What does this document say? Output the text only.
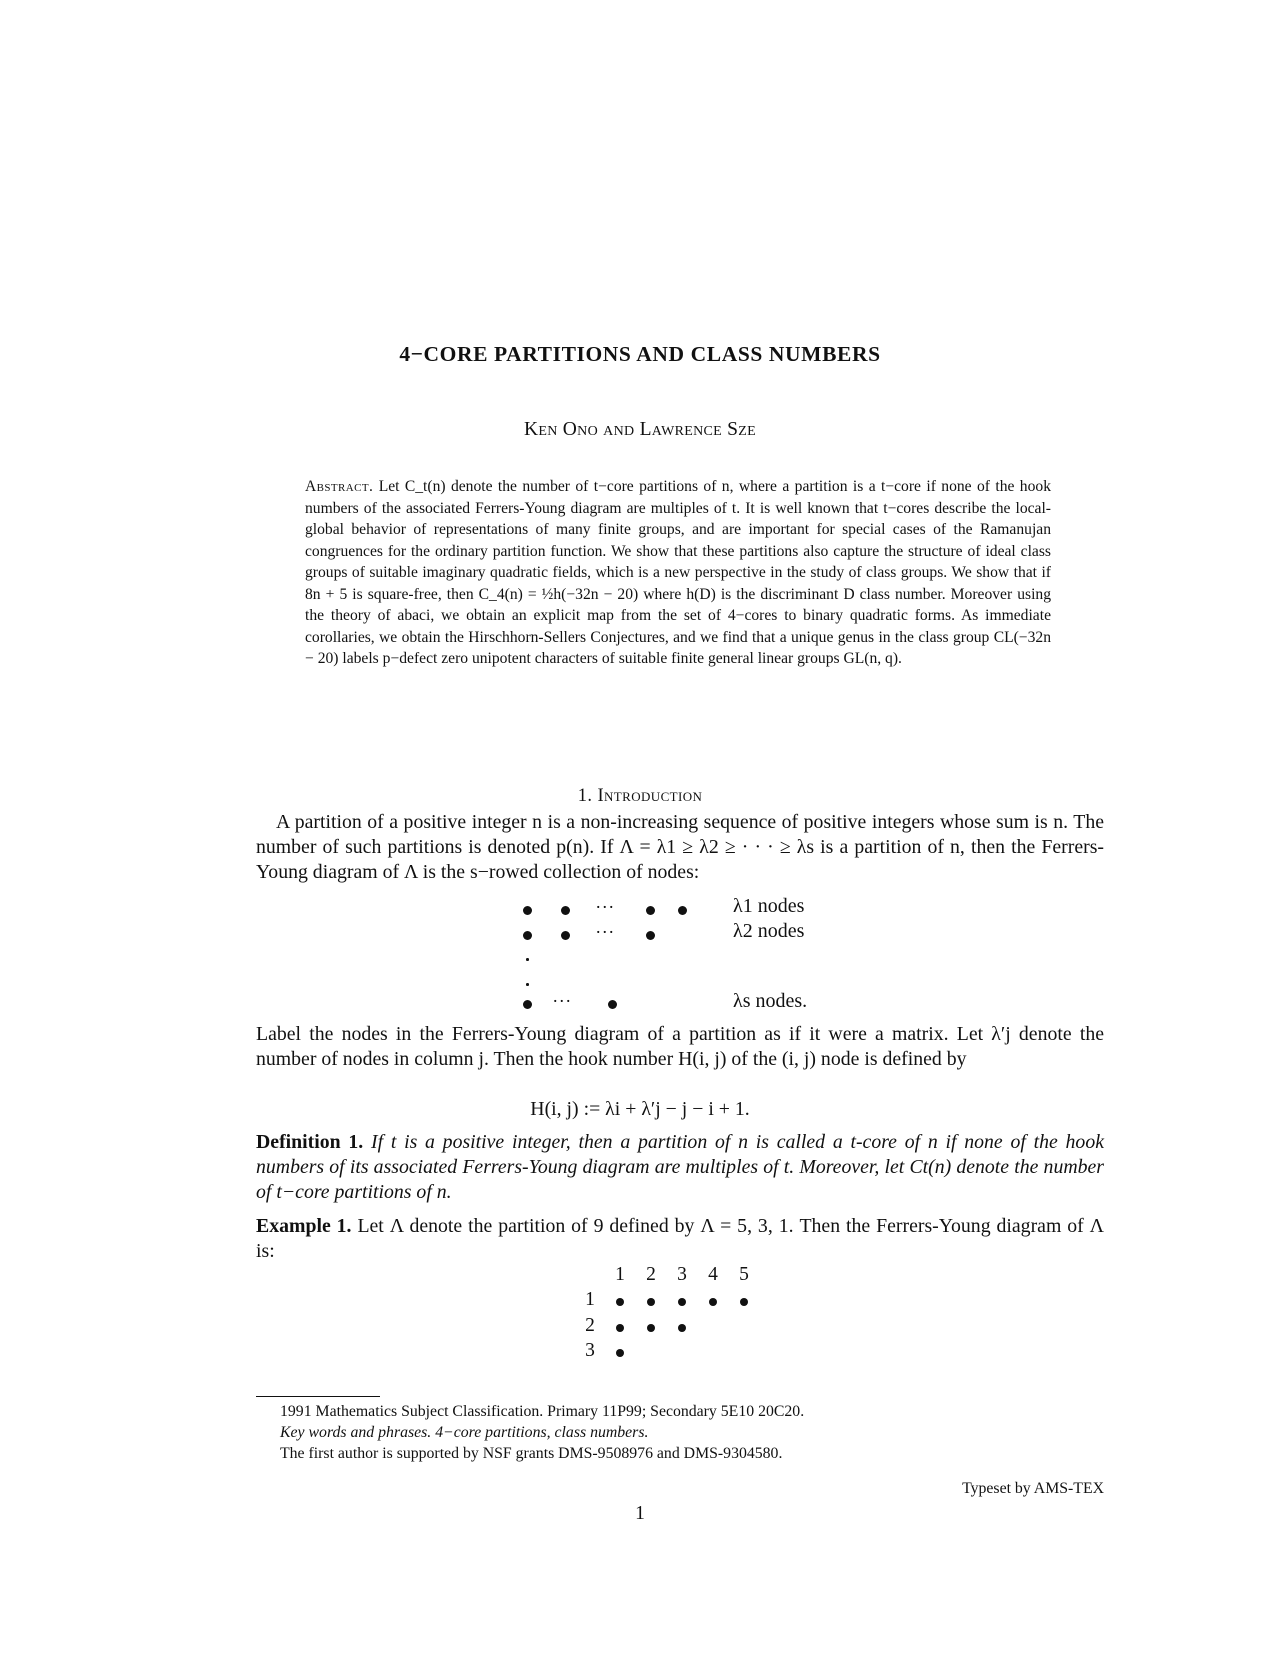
4−CORE PARTITIONS AND CLASS NUMBERS
Ken Ono and Lawrence Sze
Abstract. Let C_t(n) denote the number of t−core partitions of n, where a partition is a t−core if none of the hook numbers of the associated Ferrers-Young diagram are multiples of t. It is well known that t−cores describe the local-global behavior of representations of many finite groups, and are important for special cases of the Ramanujan congruences for the ordinary partition function. We show that these partitions also capture the structure of ideal class groups of suitable imaginary quadratic fields, which is a new perspective in the study of class groups. We show that if 8n + 5 is square-free, then C_4(n) = ½h(−32n − 20) where h(D) is the discriminant D class number. Moreover using the theory of abaci, we obtain an explicit map from the set of 4−cores to binary quadratic forms. As immediate corollaries, we obtain the Hirschhorn-Sellers Conjectures, and we find that a unique genus in the class group CL(−32n − 20) labels p−defect zero unipotent characters of suitable finite general linear groups GL(n, q).
1. Introduction
A partition of a positive integer n is a non-increasing sequence of positive integers whose sum is n. The number of such partitions is denoted p(n). If Λ = λ1 ≥ λ2 ≥ · · · ≥ λs is a partition of n, then the Ferrers-Young diagram of Λ is the s−rowed collection of nodes:
...	λ1 nodes
...	λ2 nodes
...	λs nodes.
Label the nodes in the Ferrers-Young diagram of a partition as if it were a matrix. Let λ′j denote the number of nodes in column j. Then the hook number H(i, j) of the (i, j) node is defined by
H(i, j) := λi + λ′j − j − i + 1.
Definition 1. If t is a positive integer, then a partition of n is called a t-core of n if none of the hook numbers of its associated Ferrers-Young diagram are multiples of t. Moreover, let Ct(n) denote the number of t−core partitions of n.
Example 1. Let Λ denote the partition of 9 defined by Λ = 5, 3, 1. Then the Ferrers-Young diagram of Λ is:
1 2 3 4 5
1
2
3
1991 Mathematics Subject Classification. Primary 11P99; Secondary 5E10 20C20.
Key words and phrases. 4−core partitions, class numbers.
The first author is supported by NSF grants DMS-9508976 and DMS-9304580.
Typeset by AMS-TEX
1
